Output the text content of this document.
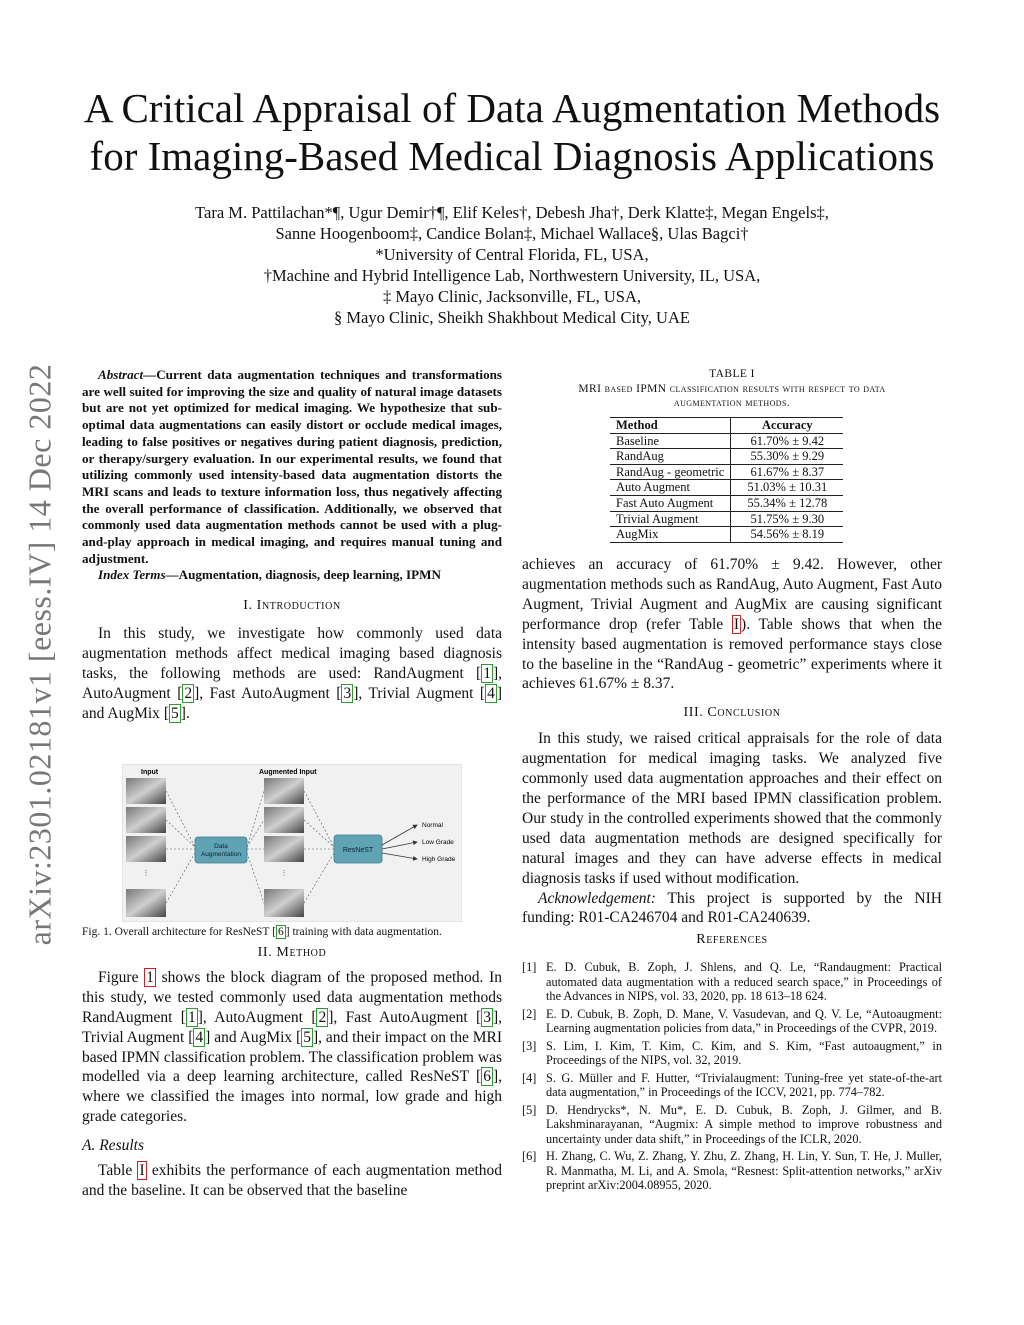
arXiv:2301.02181v1 [eess.IV] 14 Dec 2022
A Critical Appraisal of Data Augmentation Methods
for Imaging-Based Medical Diagnosis Applications
Tara M. Pattilachan*¶, Ugur Demir†¶, Elif Keles†, Debesh Jha†, Derk Klatte‡, Megan Engels‡,
Sanne Hoogenboom‡, Candice Bolan‡, Michael Wallace§, Ulas Bagci†
*University of Central Florida, FL, USA,
†Machine and Hybrid Intelligence Lab, Northwestern University, IL, USA,
‡ Mayo Clinic, Jacksonville, FL, USA,
§ Mayo Clinic, Sheikh Shakhbout Medical City, UAE

Abstract—Current data augmentation techniques and transformations are well suited for improving the size and quality of natural image datasets but are not yet optimized for medical imaging. We hypothesize that sub-optimal data augmentations can easily distort or occlude medical images, leading to false positives or negatives during patient diagnosis, prediction, or therapy/surgery evaluation. In our experimental results, we found that utilizing commonly used intensity-based data augmentation distorts the MRI scans and leads to texture information loss, thus negatively affecting the overall performance of classification. Additionally, we observed that commonly used data augmentation methods cannot be used with a plug-and-play approach in medical imaging, and requires manual tuning and adjustment.

Index Terms—Augmentation, diagnosis, deep learning, IPMN

I. Introduction

In this study, we investigate how commonly used data augmentation methods affect medical imaging based diagnosis tasks, the following methods are used: RandAugment [ 1 ], AutoAugment [ 2 ], Fast AutoAugment [ 3 ], Trivial Augment [ 4 ] and AugMix [ 5 ].

Input	Augmented Input
⋮	⋮
Data
Augmentation
ResNeST
Normal
Low Grade
High Grade
Fig. 1. Overall architecture for ResNeST [ 6 ] training with data augmentation.
II. Method

Figure 1 shows the block diagram of the proposed method. In this study, we tested commonly used data augmentation methods RandAugment [ 1 ], AutoAugment [ 2 ], Fast AutoAugment [ 3 ], Trivial Augment [ 4 ] and AugMix [ 5 ], and their impact on the MRI based IPMN classification problem. The classification problem was modelled via a deep learning architecture, called ResNeST [ 6 ], where we classified the images into normal, low grade and high grade categories.

A. Results

Table I exhibits the performance of each augmentation method and the baseline. It can be observed that the baseline

TABLE I
MRI based IPMN classification results with respect to data
augmentation methods.
Method	Accuracy
Baseline	61.70% ± 9.42
RandAug	55.30% ± 9.29
RandAug - geometric	61.67% ± 8.37
Auto Augment	51.03% ± 10.31
Fast Auto Augment	55.34% ± 12.78
Trivial Augment	51.75% ± 9.30
AugMix	54.56% ± 8.19

achieves an accuracy of 61.70% ± 9.42. However, other augmentation methods such as RandAug, Auto Augment, Fast Auto Augment, Trivial Augment and AugMix are causing significant performance drop (refer Table I ). Table shows that when the intensity based augmentation is removed performance stays close to the baseline in the “RandAug - geometric” experiments where it achieves 61.67% ± 8.37.

III. Conclusion

In this study, we raised critical appraisals for the role of data augmentation for medical imaging tasks. We analyzed five commonly used data augmentation approaches and their effect on the performance of the MRI based IPMN classification problem. Our study in the controlled experiments showed that the commonly used data augmentation methods are designed specifically for natural images and they can have adverse effects in medical diagnosis tasks if used without modification.

Acknowledgement: This project is supported by the NIH funding: R01-CA246704 and R01-CA240639.

References
[1] E. D. Cubuk, B. Zoph, J. Shlens, and Q. Le, “Randaugment: Practical automated data augmentation with a reduced search space,” in Proceedings of the Advances in NIPS, vol. 33, 2020, pp. 18 613–18 624.
[2] E. D. Cubuk, B. Zoph, D. Mane, V. Vasudevan, and Q. V. Le, “Autoaugment: Learning augmentation policies from data,” in Proceedings of the CVPR, 2019.
[3] S. Lim, I. Kim, T. Kim, C. Kim, and S. Kim, “Fast autoaugment,” in Proceedings of the NIPS, vol. 32, 2019.
[4] S. G. Müller and F. Hutter, “Trivialaugment: Tuning-free yet state-of-the-art data augmentation,” in Proceedings of the ICCV, 2021, pp. 774–782.
[5] D. Hendrycks*, N. Mu*, E. D. Cubuk, B. Zoph, J. Gilmer, and B. Lakshminarayanan, “Augmix: A simple method to improve robustness and uncertainty under data shift,” in Proceedings of the ICLR, 2020.
[6] H. Zhang, C. Wu, Z. Zhang, Y. Zhu, Z. Zhang, H. Lin, Y. Sun, T. He, J. Muller, R. Manmatha, M. Li, and A. Smola, “Resnest: Split-attention networks,” arXiv preprint arXiv:2004.08955, 2020.
